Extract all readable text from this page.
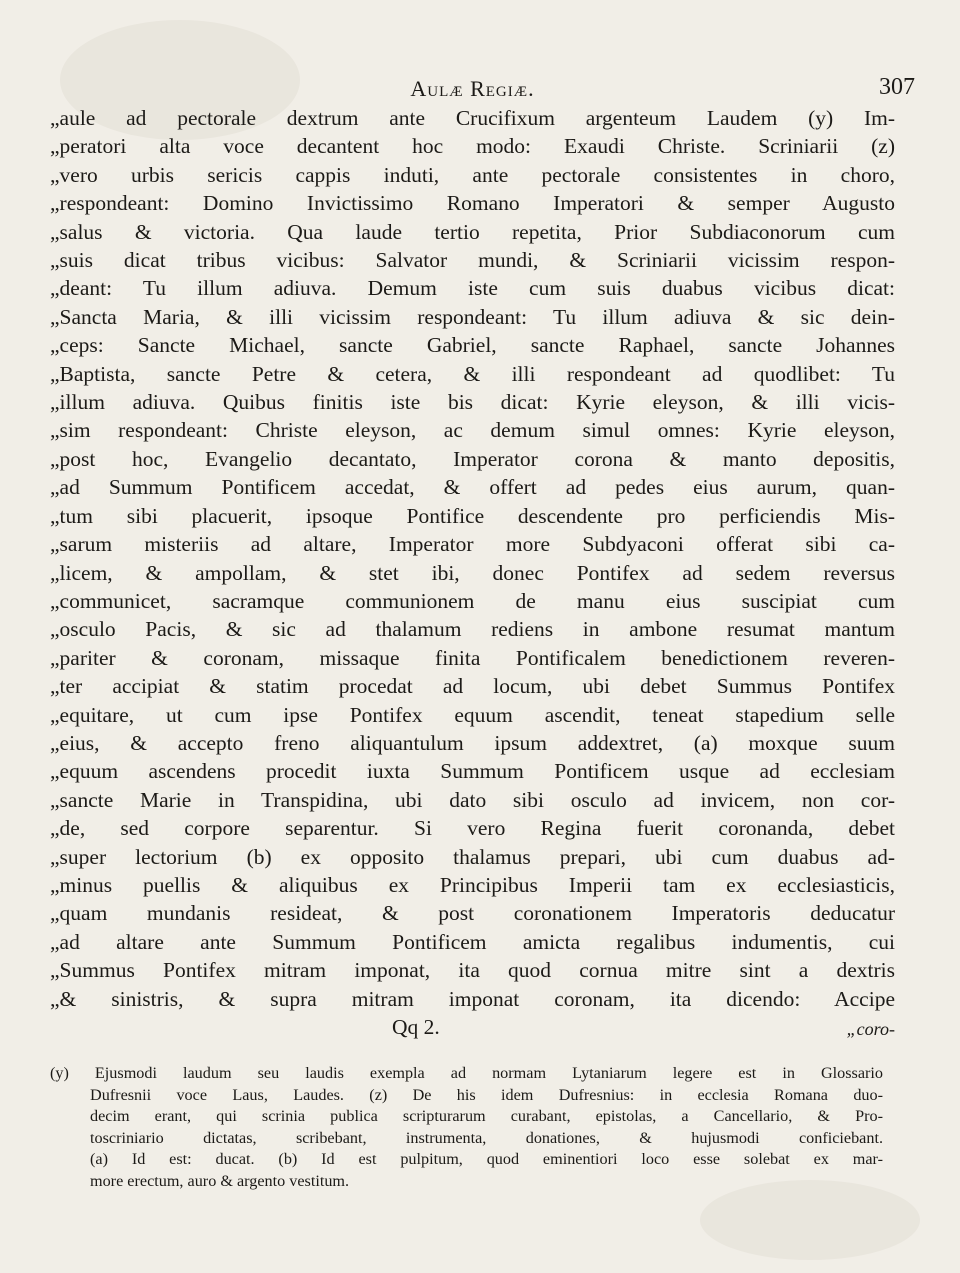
Aulæ Regiæ.	307
„aule ad pectorale dextrum ante Crucifixum argenteum Laudem (y) Im-
„peratori alta voce decantent hoc modo: Exaudi Christe. Scriniarii (z)
„vero urbis sericis cappis induti, ante pectorale consistentes in choro,
„respondeant: Domino Invictissimo Romano Imperatori & semper Augusto
„salus & victoria. Qua laude tertio repetita, Prior Subdiaconorum cum
„suis dicat tribus vicibus: Salvator mundi, & Scriniarii vicissim respon-
„deant: Tu illum adiuva. Demum iste cum suis duabus vicibus dicat:
„Sancta Maria, & illi vicissim respondeant: Tu illum adiuva & sic dein-
„ceps: Sancte Michael, sancte Gabriel, sancte Raphael, sancte Johannes
„Baptista, sancte Petre & cetera, & illi respondeant ad quodlibet: Tu
„illum adiuva. Quibus finitis iste bis dicat: Kyrie eleyson, & illi vicis-
„sim respondeant: Christe eleyson, ac demum simul omnes: Kyrie eleyson,
„post hoc, Evangelio decantato, Imperator corona & manto depositis,
„ad Summum Pontificem accedat, & offert ad pedes eius aurum, quan-
„tum sibi placuerit, ipsoque Pontifice descendente pro perficiendis Mis-
„sarum misteriis ad altare, Imperator more Subdyaconi offerat sibi ca-
„licem, & ampollam, & stet ibi, donec Pontifex ad sedem reversus
„communicet, sacramque communionem de manu eius suscipiat cum
„osculo Pacis, & sic ad thalamum rediens in ambone resumat mantum
„pariter & coronam, missaque finita Pontificalem benedictionem reveren-
„ter accipiat & statim procedat ad locum, ubi debet Summus Pontifex
„equitare, ut cum ipse Pontifex equum ascendit, teneat stapedium selle
„eius, & accepto freno aliquantulum ipsum addextret, (a) moxque suum
„equum ascendens procedit iuxta Summum Pontificem usque ad ecclesiam
„sancte Marie in Transpidina, ubi dato sibi osculo ad invicem, non cor-
„de, sed corpore separentur. Si vero Regina fuerit coronanda, debet
„super lectorium (b) ex opposito thalamus prepari, ubi cum duabus ad-
„minus puellis & aliquibus ex Principibus Imperii tam ex ecclesiasticis,
„quam mundanis resideat, & post coronationem Imperatoris deducatur
„ad altare ante Summum Pontificem amicta regalibus indumentis, cui
„Summus Pontifex mitram imponat, ita quod cornua mitre sint a dextris
„& sinistris, & supra mitram imponat coronam, ita dicendo: Accipe
Qq 2.	„coro-
(y) Ejusmodi laudum seu laudis exempla ad normam Lytaniarum legere est in Glossario
Dufresnii voce Laus, Laudes. (z) De his idem Dufresnius: in ecclesia Romana duo-
decim erant, qui scrinia publica scripturarum curabant, epistolas, a Cancellario, & Pro-
toscriniario dictatas, scribebant, instrumenta, donationes, & hujusmodi conficiebant.
(a) Id est: ducat. (b) Id est pulpitum, quod eminentiori loco esse solebat ex mar-
more erectum, auro & argento vestitum.
